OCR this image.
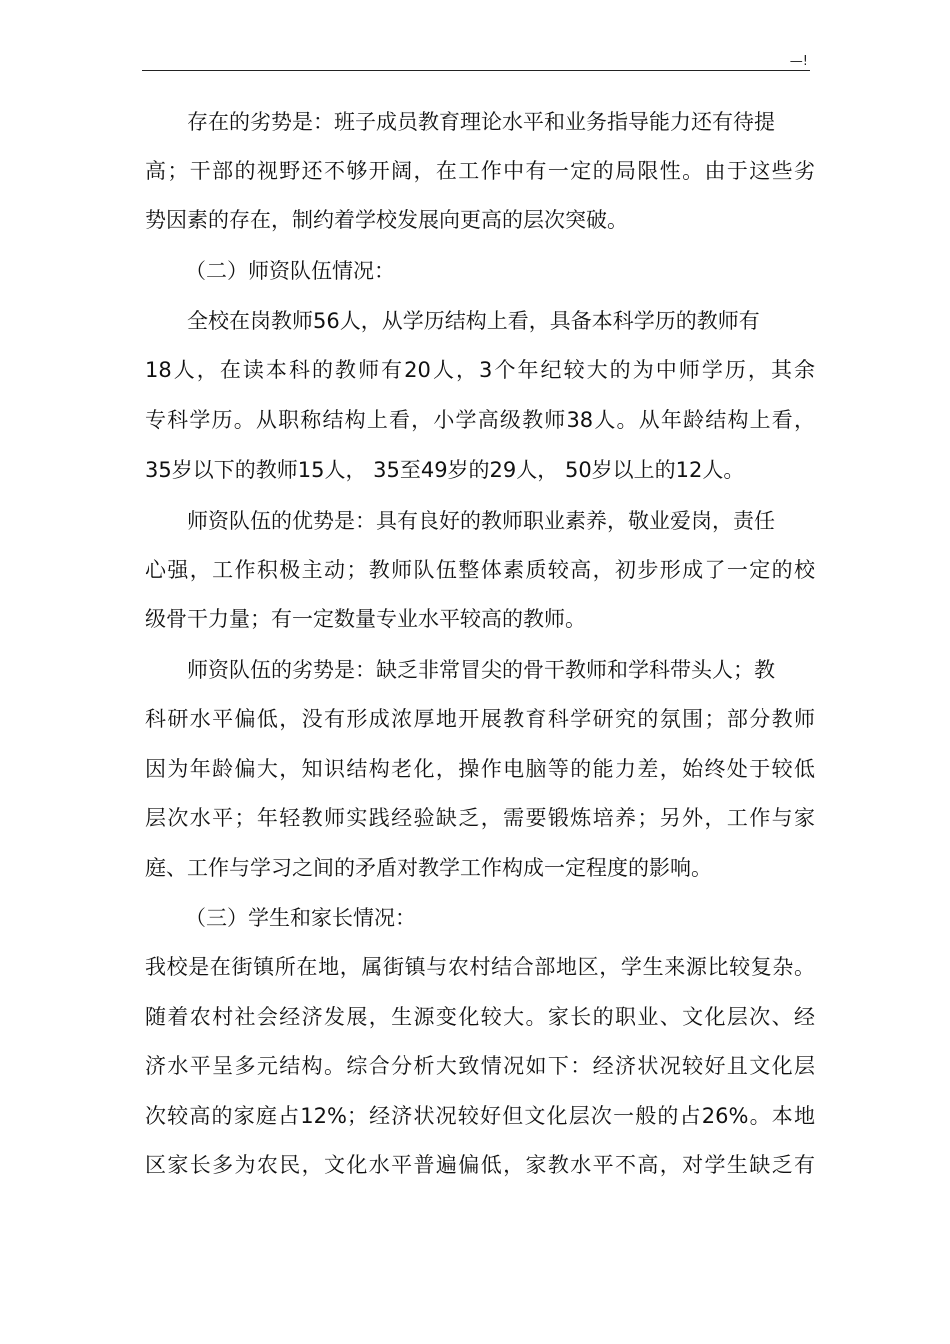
—!
存在的劣势是：班子成员教育理论水平和业务指导能力还有待提
高；干部的视野还不够开阔，在工作中有一定的局限性。由于这些劣
势因素的存在，制约着学校发展向更高的层次突破。
（二）师资队伍情况：
全校在岗教师56人，从学历结构上看，具备本科学历的教师有
18人，在读本科的教师有20人，3个年纪较大的为中师学历，其余
专科学历。从职称结构上看，小学高级教师38人。从年龄结构上看，
35岁以下的教师15人， 35至49岁的29人， 50岁以上的12人。
师资队伍的优势是：具有良好的教师职业素养，敬业爱岗，责任
心强，工作积极主动；教师队伍整体素质较高，初步形成了一定的校
级骨干力量；有一定数量专业水平较高的教师。
师资队伍的劣势是：缺乏非常冒尖的骨干教师和学科带头人；教
科研水平偏低，没有形成浓厚地开展教育科学研究的氛围；部分教师
因为年龄偏大，知识结构老化，操作电脑等的能力差，始终处于较低
层次水平；年轻教师实践经验缺乏，需要锻炼培养；另外，工作与家
庭、工作与学习之间的矛盾对教学工作构成一定程度的影响。
（三）学生和家长情况：
我校是在街镇所在地，属街镇与农村结合部地区，学生来源比较复杂。
随着农村社会经济发展，生源变化较大。家长的职业、文化层次、经
济水平呈多元结构。综合分析大致情况如下：经济状况较好且文化层
次较高的家庭占12%；经济状况较好但文化层次一般的占26%。本地
区家长多为农民，文化水平普遍偏低，家教水平不高，对学生缺乏有
